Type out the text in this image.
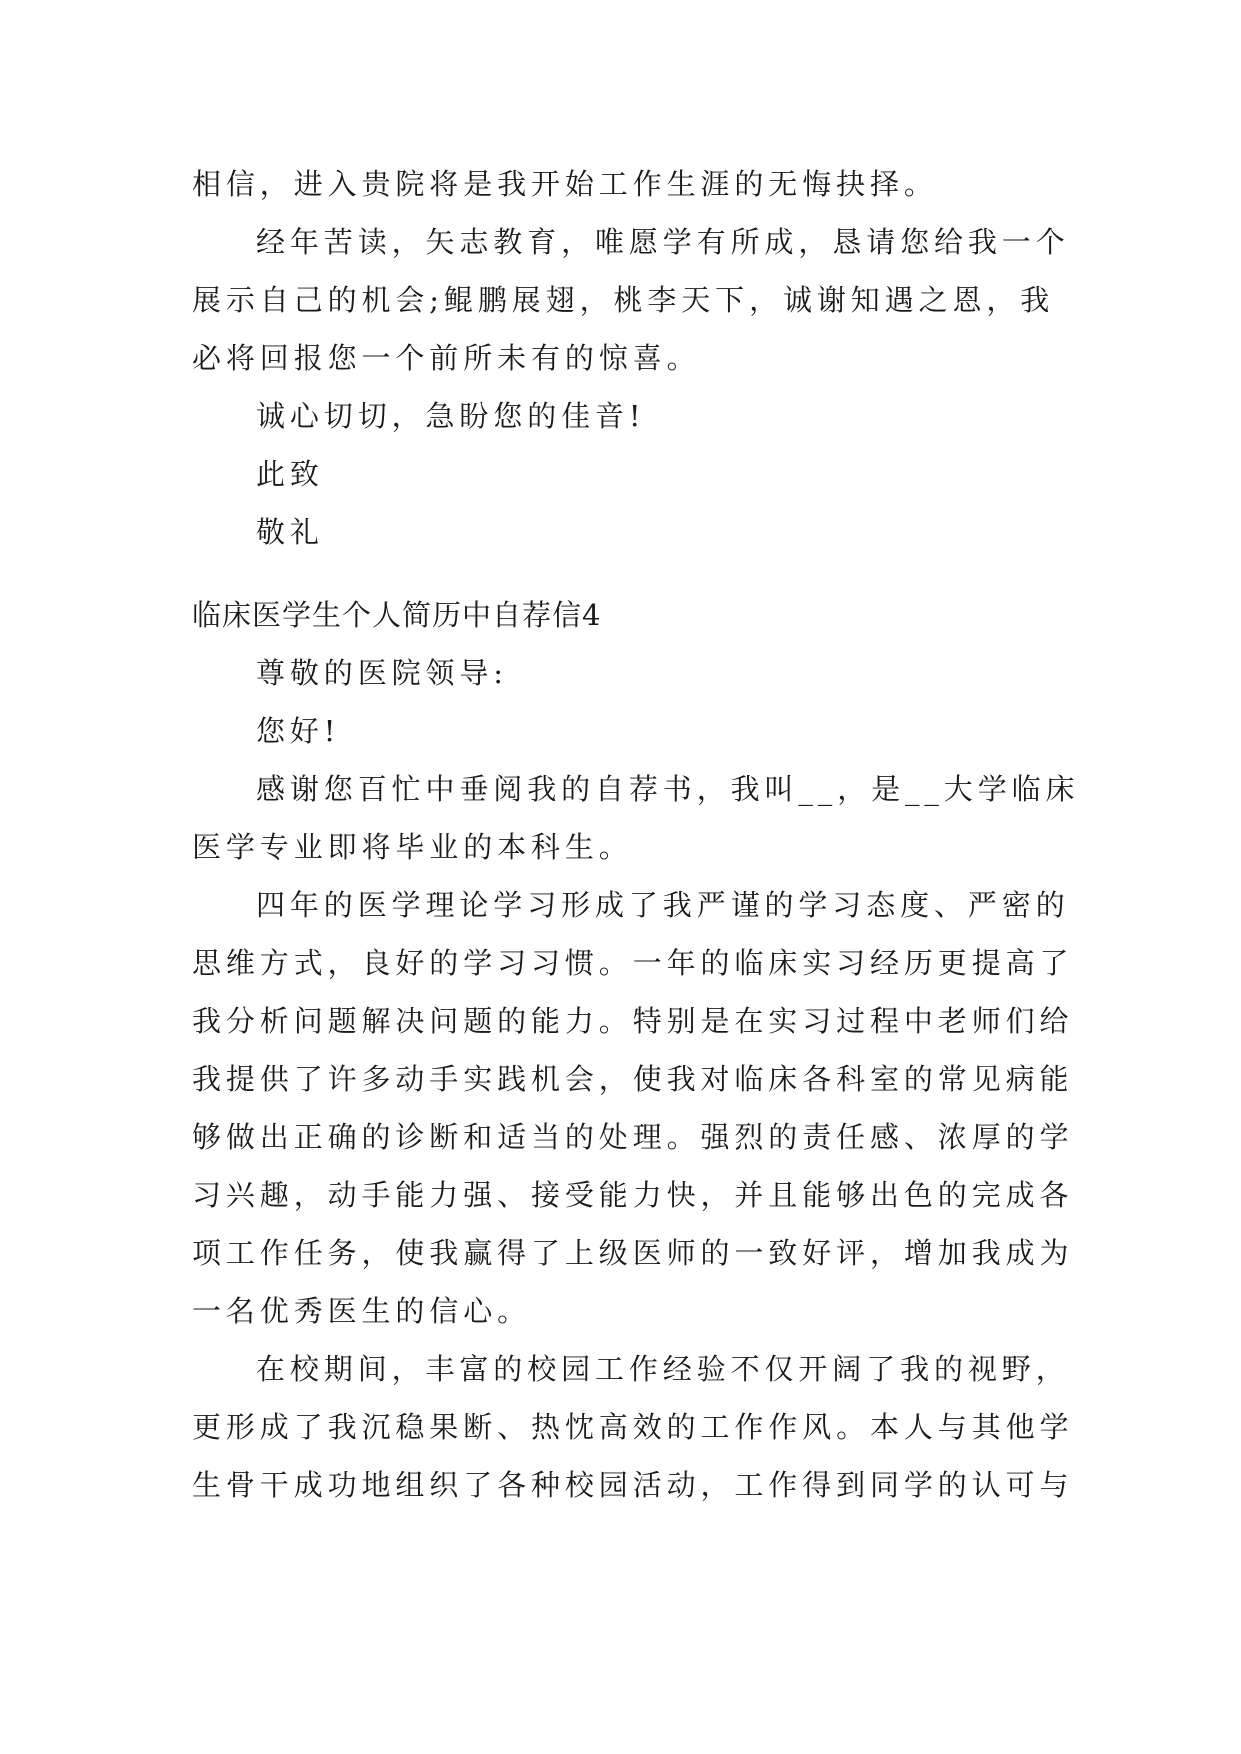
相信，进入贵院将是我开始工作生涯的无悔抉择。
经年苦读，矢志教育，唯愿学有所成，恳请您给我一个
展示自己的机会;鲲鹏展翅，桃李天下，诚谢知遇之恩，我
必将回报您一个前所未有的惊喜。
诚心切切，急盼您的佳音!
此致
敬礼
临床医学生个人简历中自荐信4
尊敬的医院领导:
您好!
感谢您百忙中垂阅我的自荐书，我叫__，是__大学临床
医学专业即将毕业的本科生。
四年的医学理论学习形成了我严谨的学习态度、严密的
思维方式，良好的学习习惯。一年的临床实习经历更提高了
我分析问题解决问题的能力。特别是在实习过程中老师们给
我提供了许多动手实践机会，使我对临床各科室的常见病能
够做出正确的诊断和适当的处理。强烈的责任感、浓厚的学
习兴趣，动手能力强、接受能力快，并且能够出色的完成各
项工作任务，使我赢得了上级医师的一致好评，增加我成为
一名优秀医生的信心。
在校期间，丰富的校园工作经验不仅开阔了我的视野，
更形成了我沉稳果断、热忱高效的工作作风。本人与其他学
生骨干成功地组织了各种校园活动，工作得到同学的认可与
